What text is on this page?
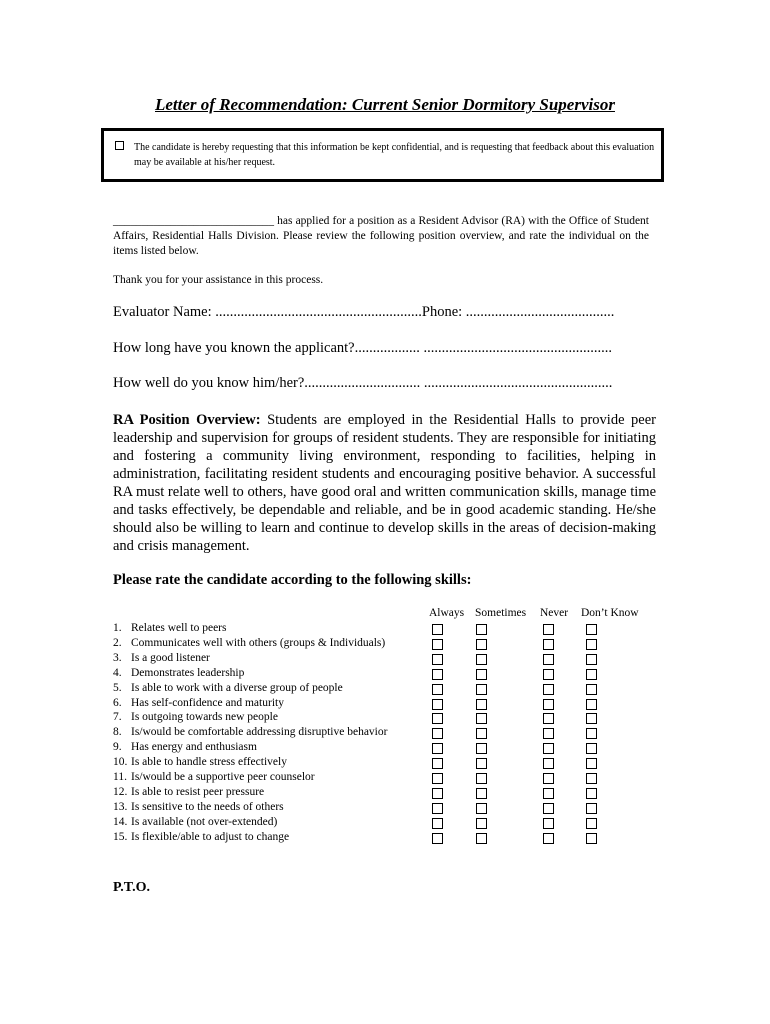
Letter of Recommendation: Current Senior Dormitory Supervisor
The candidate is hereby requesting that this information be kept confidential, and is requesting that feedback about this evaluation may be available at his/her request.
____________________________ has applied for a position as a Resident Advisor (RA) with the Office of Student Affairs, Residential Halls Division. Please review the following position overview, and rate the individual on the items listed below.
Thank you for your assistance in this process.
Evaluator Name: .........................................................Phone: .........................................
How long have you known the applicant?.................. ....................................................
How well do you know him/her?................................ ....................................................
RA Position Overview: Students are employed in the Residential Halls to provide peer leadership and supervision for groups of resident students. They are responsible for initiating and fostering a community living environment, responding to facilities, helping in administration, facilitating resident students and encouraging positive behavior. A successful RA must relate well to others, have good oral and written communication skills, manage time and tasks effectively, be dependable and reliable, and be in good academic standing. He/she should also be willing to learn and continue to develop skills in the areas of decision-making and crisis management.
Please rate the candidate according to the following skills:
Always Sometimes Never Don’t Know
1. Relates well to peers
2. Communicates well with others (groups & Individuals)
3. Is a good listener
4. Demonstrates leadership
5. Is able to work with a diverse group of people
6. Has self-confidence and maturity
7. Is outgoing towards new people
8. Is/would be comfortable addressing disruptive behavior
9. Has energy and enthusiasm
10. Is able to handle stress effectively
11. Is/would be a supportive peer counselor
12. Is able to resist peer pressure
13. Is sensitive to the needs of others
14. Is available (not over-extended)
15. Is flexible/able to adjust to change
P.T.O.
